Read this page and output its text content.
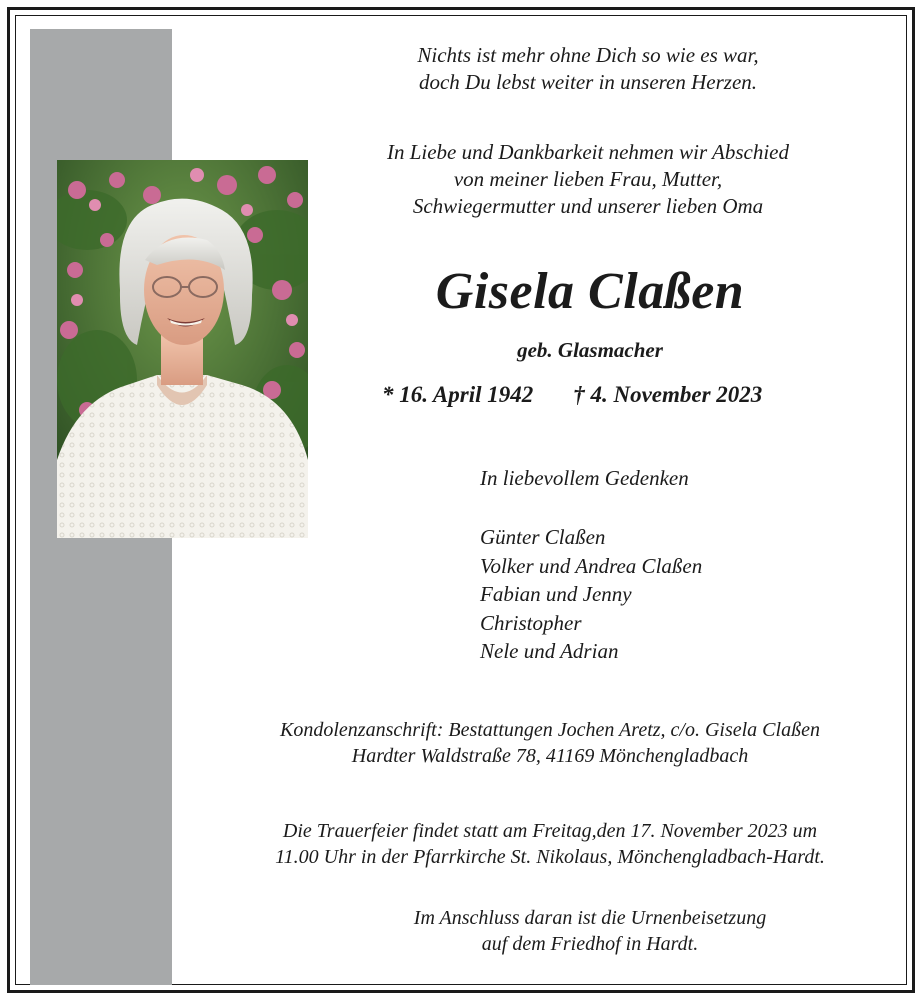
Nichts ist mehr ohne Dich so wie es war,
doch Du lebst weiter in unseren Herzen.
In Liebe und Dankbarkeit nehmen wir Abschied
von meiner lieben Frau, Mutter,
Schwiegermutter und unserer lieben Oma
Gisela Claßen
geb. Glasmacher
* 16. April 1942 † 4. November 2023
In liebevollem Gedenken
Günter Claßen
Volker und Andrea Claßen
Fabian und Jenny
Christopher
Nele und Adrian
Kondolenzanschrift: Bestattungen Jochen Aretz, c/o. Gisela Claßen
Hardter Waldstraße 78, 41169 Mönchengladbach
Die Trauerfeier findet statt am Freitag,den 17. November 2023 um
11.00 Uhr in der Pfarrkirche St. Nikolaus, Mönchengladbach-Hardt.
Im Anschluss daran ist die Urnenbeisetzung
auf dem Friedhof in Hardt.
